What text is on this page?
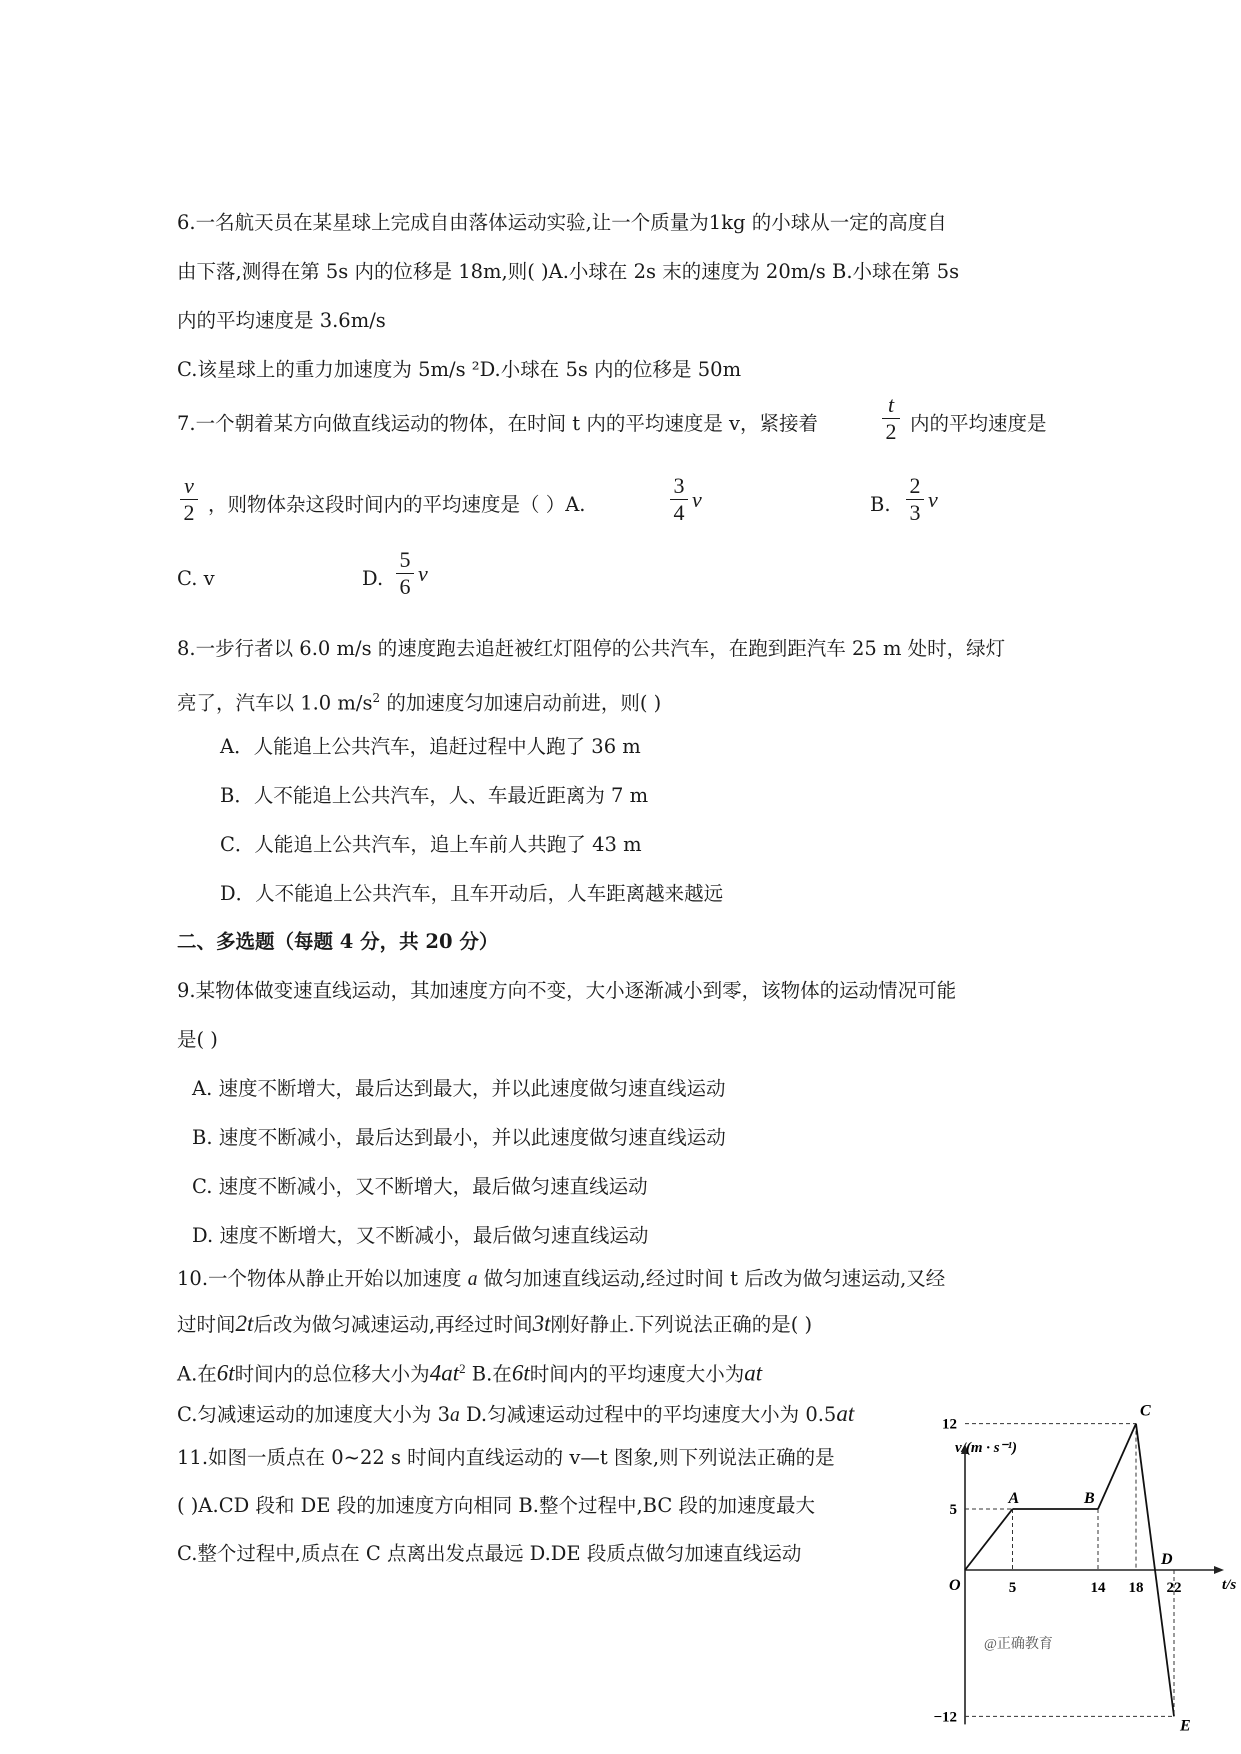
6.一名航天员在某星球上完成自由落体运动实验,让一个质量为1kg 的小球从一定的高度自
由下落,测得在第 5s 内的位移是 18m,则( )A.小球在 2s 末的速度为 20m/s B.小球在第 5s
内的平均速度是 3.6m/s
C.该星球上的重力加速度为 5m/s ²D.小球在 5s 内的位移是 50m
7.一个朝着某方向做直线运动的物体，在时间 t 内的平均速度是 v，紧接着
t
2 内的平均速度是
v
2 ，则物体杂这段时间内的平均速度是（ ）A.
3
4
v	B.
2
3
v
C. v	D.
5
6
v
8.一步行者以 6.0 m/s 的速度跑去追赶被红灯阻停的公共汽车，在跑到距汽车 25 m 处时，绿灯
亮了，汽车以 1.0 $m/s^2$ 的加速度匀加速启动前进，则( )
A．人能追上公共汽车，追赶过程中人跑了 36 m
B．人不能追上公共汽车，人、车最近距离为 7 m
C．人能追上公共汽车，追上车前人共跑了 43 m
D．人不能追上公共汽车，且车开动后，人车距离越来越远
二、多选题（每题 4 分，共 20 分）
9.某物体做变速直线运动，其加速度方向不变，大小逐渐减小到零，该物体的运动情况可能
是( )
A. 速度不断增大，最后达到最大，并以此速度做匀速直线运动
B. 速度不断减小，最后达到最小，并以此速度做匀速直线运动
C. 速度不断减小，又不断增大，最后做匀速直线运动
D. 速度不断增大，又不断减小，最后做匀速直线运动
10.一个物体从静止开始以加速度 a 做匀加速直线运动,经过时间 t 后改为做匀速运动,又经
过时间2t后改为做匀减速运动,再经过时间3t刚好静止.下列说法正确的是( )
A.在6t时间内的总位移大小为$4at^2$ B.在6t时间内的平均速度大小为at
C.匀减速运动的加速度大小为 3a D.匀减速运动过程中的平均速度大小为 0.5at
11.如图一质点在 0~22 s 时间内直线运动的 v—t 图象,则下列说法正确的是
( )A.CD 段和 DE 段的加速度方向相同 B.整个过程中,BC 段的加速度最大
C.整个过程中,质点在 C 点离出发点最远 D.DE 段质点做匀加速直线运动
v/(m · s⁻¹)
t/s
O
12
5
−12
5	14 18 22
A	B
C
D
E
@正确教育
